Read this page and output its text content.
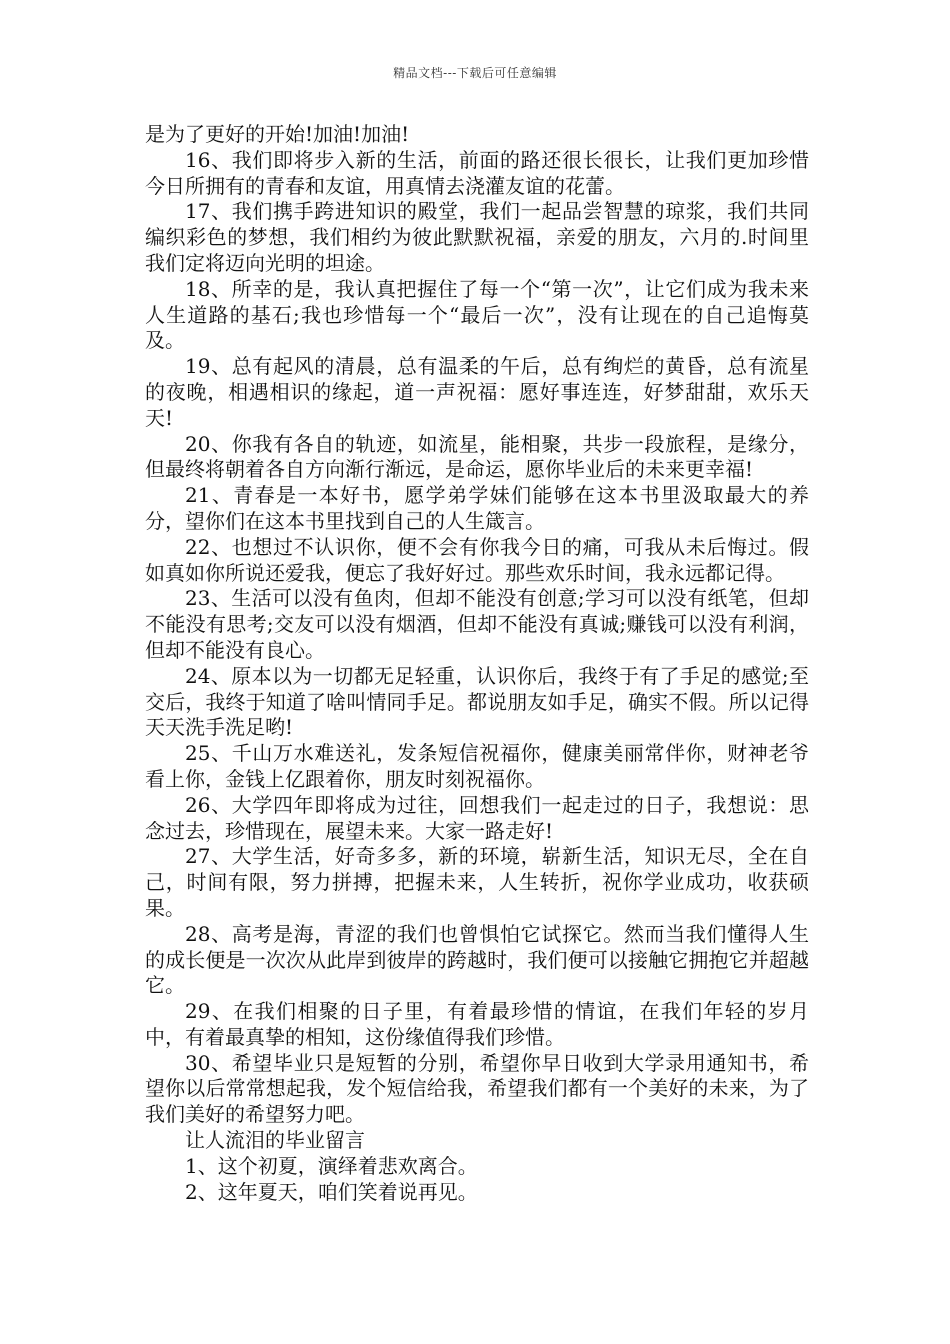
精品文档---下载后可任意编辑

是为了更好的开始!加油!加油!

16、我们即将步入新的生活，前面的路还很长很长，让我们更加珍惜今日所拥有的青春和友谊，用真情去浇灌友谊的花蕾。

17、我们携手跨进知识的殿堂，我们一起品尝智慧的琼浆，我们共同编织彩色的梦想，我们相约为彼此默默祝福，亲爱的朋友，六月的.时间里我们定将迈向光明的坦途。

18、所幸的是，我认真把握住了每一个“第一次”，让它们成为我未来人生道路的基石;我也珍惜每一个“最后一次”，没有让现在的自己追悔莫及。

19、总有起风的清晨，总有温柔的午后，总有绚烂的黄昏，总有流星的夜晚，相遇相识的缘起，道一声祝福：愿好事连连，好梦甜甜，欢乐天天!

20、你我有各自的轨迹，如流星，能相聚，共步一段旅程，是缘分，但最终将朝着各自方向渐行渐远，是命运，愿你毕业后的未来更幸福!

21、青春是一本好书，愿学弟学妹们能够在这本书里汲取最大的养分，望你们在这本书里找到自己的人生箴言。

22、也想过不认识你，便不会有你我今日的痛，可我从未后悔过。假如真如你所说还爱我，便忘了我好好过。那些欢乐时间，我永远都记得。

23、生活可以没有鱼肉，但却不能没有创意;学习可以没有纸笔，但却不能没有思考;交友可以没有烟酒，但却不能没有真诚;赚钱可以没有利润，但却不能没有良心。

24、原本以为一切都无足轻重，认识你后，我终于有了手足的感觉;至交后，我终于知道了啥叫情同手足。都说朋友如手足，确实不假。所以记得天天洗手洗足哟!

25、千山万水难送礼，发条短信祝福你，健康美丽常伴你，财神老爷看上你，金钱上亿跟着你，朋友时刻祝福你。

26、大学四年即将成为过往，回想我们一起走过的日子，我想说：思念过去，珍惜现在，展望未来。大家一路走好!

27、大学生活，好奇多多，新的环境，崭新生活，知识无尽，全在自己，时间有限，努力拼搏，把握未来，人生转折，祝你学业成功，收获硕果。

28、高考是海，青涩的我们也曾惧怕它试探它。然而当我们懂得人生的成长便是一次次从此岸到彼岸的跨越时，我们便可以接触它拥抱它并超越它。

29、在我们相聚的日子里，有着最珍惜的情谊，在我们年轻的岁月中，有着最真挚的相知，这份缘值得我们珍惜。

30、希望毕业只是短暂的分别，希望你早日收到大学录用通知书，希望你以后常常想起我，发个短信给我，希望我们都有一个美好的未来，为了我们美好的希望努力吧。

让人流泪的毕业留言

1、这个初夏，演绎着悲欢离合。

2、这年夏天，咱们笑着说再见。
